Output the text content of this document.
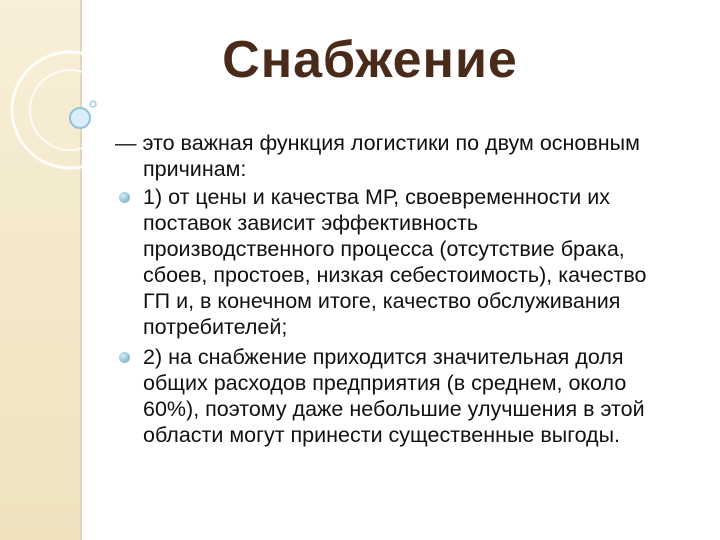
Снабжение

— это важная функция логистики по двум основным причинам:

1) от цены и качества МР, своевременности их поставок зависит эффективность производственного процесса (отсутствие брака, сбоев, простоев, низкая себестоимость), качество ГП и, в конечном итоге, качество обслуживания потребителей;
2) на снабжение приходится значительная доля общих расходов предприятия (в среднем, около 60%), поэтому даже небольшие улучшения в этой области могут принести существенные выгоды.
